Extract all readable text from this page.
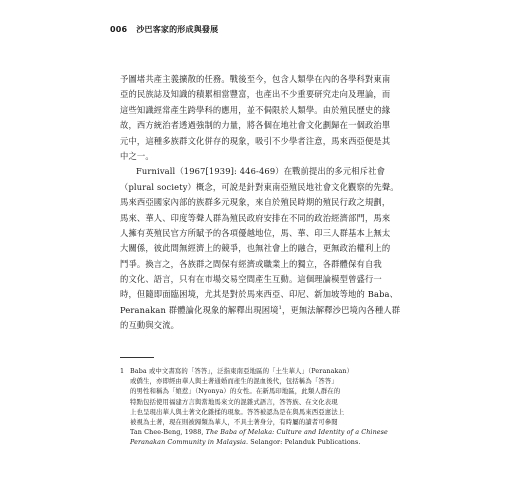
006 沙巴客家的形成與發展
予圖堵共產主義擴散的任務。戰後至今，包含人類學在內的各學科對東南
亞的民族誌及知識的積累相當豐富，也產出不少重要研究走向及理論，而
這些知識經常產生跨學科的應用，並不侷限於人類學。由於殖民歷史的緣
故，西方統治者透過強制的力量，將各個在地社會文化劃歸在一個政治單
元中，這種多族群文化併存的現象，吸引不少學者注意，馬來西亞便是其
中之一。
Furnivall（1967[1939]: 446-469）在戰前提出的多元相斥社會
（plural society）概念，可說是針對東南亞殖民地社會文化觀察的先聲。
馬來西亞國家內部的族群多元現象，來自於殖民時期的殖民行政之規劃，
馬來、華人、印度等聲人群為殖民政府安排在不同的政治經濟部門，馬來
人擁有英殖民官方所賦予的各項優越地位，馬、華、印三人群基本上無太
大關係，彼此間無經濟上的競爭，也無社會上的融合，更無政治權利上的
鬥爭。換言之，各族群之間保有經濟或職業上的獨立，各群體保有自我
的文化、語言，只有在市場交易空間產生互動。這個理論模型曾盛行一
時，但隨即面臨困境，尤其是對於馬來西亞、印尼、新加坡等地的 Baba、
Peranakan 群體論化現象的解釋出現困境$^1$，更無法解釋沙巴境內各種人群
的互動與交流。
1 Baba 或中文書寫的「答答」，泛指東南亞地區的「土生華人」（Peranakan）
或僑生，亦即經由華人與土著通婚而產生的混血後代，包括稱為「答答」
的男性和稱為「娘惹」（Nyonya）的女性。在新馬印地區，此類人群在的
特點包括使用福建方言與當地馬來文的混雜式語言，答答族、在文化表現
上也呈現出華人與土著文化雜揉的現象。答答被認為是在與馬來西亞憲法上
被視為土著，現在則被歸類為華人，不具土著身分，有時屬的讀者可參閱
Tan Chee-Beng, 1988, The Baba of Melaka: Culture and Identity of a Chinese
Peranakan Community in Malaysia. Selangor: Pelanduk Publications.
